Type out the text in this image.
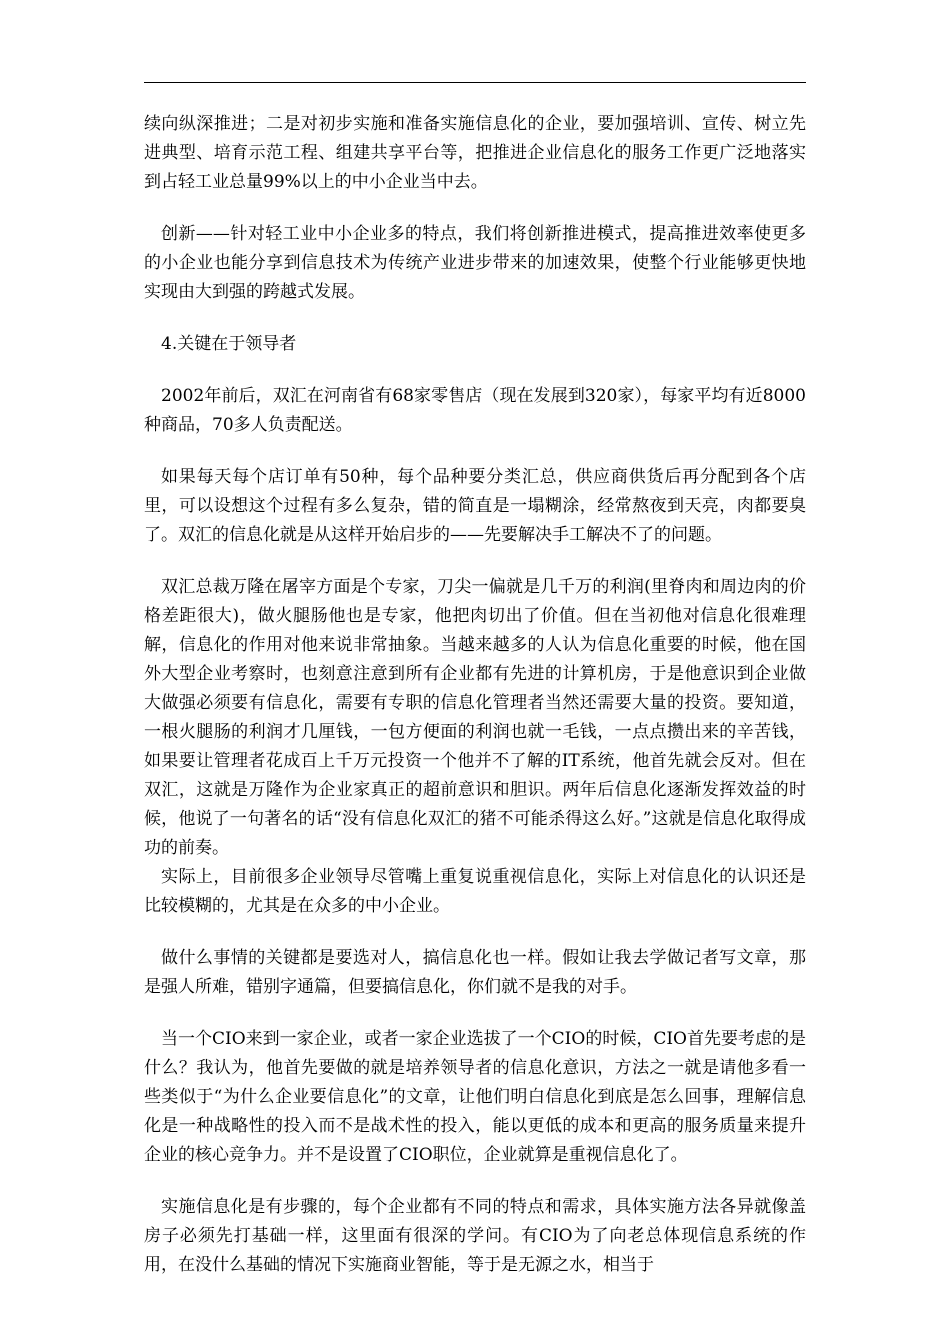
续向纵深推进；二是对初步实施和准备实施信息化的企业，要加强培训、宣传、树立先进典型、培育示范工程、组建共享平台等，把推进企业信息化的服务工作更广泛地落实到占轻工业总量99%以上的中小企业当中去。

创新——针对轻工业中小企业多的特点，我们将创新推进模式，提高推进效率使更多的小企业也能分享到信息技术为传统产业进步带来的加速效果，使整个行业能够更快地实现由大到强的跨越式发展。

4.关键在于领导者

2002年前后，双汇在河南省有68家零售店（现在发展到320家），每家平均有近8000种商品，70多人负责配送。

如果每天每个店订单有50种，每个品种要分类汇总，供应商供货后再分配到各个店里，可以设想这个过程有多么复杂，错的简直是一塌糊涂，经常熬夜到天亮，肉都要臭了。双汇的信息化就是从这样开始启步的——先要解决手工解决不了的问题。

双汇总裁万隆在屠宰方面是个专家，刀尖一偏就是几千万的利润(里脊肉和周边肉的价格差距很大)，做火腿肠他也是专家，他把肉切出了价值。但在当初他对信息化很难理解，信息化的作用对他来说非常抽象。当越来越多的人认为信息化重要的时候，他在国外大型企业考察时，也刻意注意到所有企业都有先进的计算机房，于是他意识到企业做大做强必须要有信息化，需要有专职的信息化管理者当然还需要大量的投资。要知道，一根火腿肠的利润才几厘钱，一包方便面的利润也就一毛钱，一点点攒出来的辛苦钱，如果要让管理者花成百上千万元投资一个他并不了解的IT系统，他首先就会反对。但在双汇，这就是万隆作为企业家真正的超前意识和胆识。两年后信息化逐渐发挥效益的时候，他说了一句著名的话“没有信息化双汇的猪不可能杀得这么好。”这就是信息化取得成功的前奏。

实际上，目前很多企业领导尽管嘴上重复说重视信息化，实际上对信息化的认识还是比较模糊的，尤其是在众多的中小企业。

做什么事情的关键都是要选对人，搞信息化也一样。假如让我去学做记者写文章，那是强人所难，错别字通篇，但要搞信息化，你们就不是我的对手。

当一个CIO来到一家企业，或者一家企业选拔了一个CIO的时候，CIO首先要考虑的是什么？我认为，他首先要做的就是培养领导者的信息化意识，方法之一就是请他多看一些类似于“为什么企业要信息化”的文章，让他们明白信息化到底是怎么回事，理解信息化是一种战略性的投入而不是战术性的投入，能以更低的成本和更高的服务质量来提升企业的核心竞争力。并不是设置了CIO职位，企业就算是重视信息化了。

实施信息化是有步骤的，每个企业都有不同的特点和需求，具体实施方法各异就像盖房子必须先打基础一样，这里面有很深的学问。有CIO为了向老总体现信息系统的作用，在没什么基础的情况下实施商业智能，等于是无源之水，相当于
